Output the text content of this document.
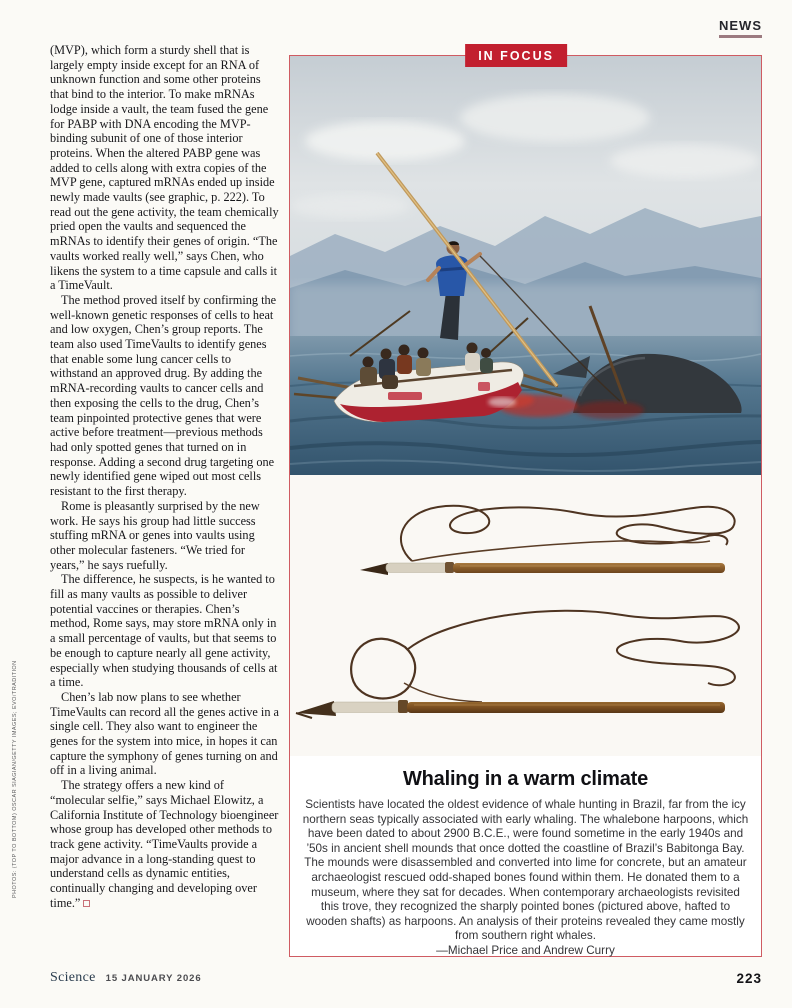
NEWS

(MVP), which form a sturdy shell that is largely empty inside except for an RNA of unknown function and some other proteins that bind to the interior. To make mRNAs lodge inside a vault, the team fused the gene for PABP with DNA encoding the MVP-binding subunit of one of those interior proteins. When the altered PABP gene was added to cells along with extra copies of the MVP gene, captured mRNAs ended up inside newly made vaults (see graphic, p. 222). To read out the gene activity, the team chemically pried open the vaults and sequenced the mRNAs to identify their genes of origin. “The vaults worked really well,” says Chen, who likens the system to a time capsule and calls it a TimeVault.

The method proved itself by confirming the well-known genetic responses of cells to heat and low oxygen, Chen’s group reports. The team also used TimeVaults to identify genes that enable some lung cancer cells to withstand an approved drug. By adding the mRNA-recording vaults to cancer cells and then exposing the cells to the drug, Chen’s team pinpointed protective genes that were active before treatment—previous methods had only spotted genes that turned on in response. Adding a second drug targeting one newly identified gene wiped out most cells resistant to the first therapy.

Rome is pleasantly surprised by the new work. He says his group had little success stuffing mRNA or genes into vaults using other molecular fasteners. “We tried for years,” he says ruefully.

The difference, he suspects, is he wanted to fill as many vaults as possible to deliver potential vaccines or therapies. Chen’s method, Rome says, may store mRNA only in a small percentage of vaults, but that seems to be enough to capture nearly all gene activity, especially when studying thousands of cells at a time.

Chen’s lab now plans to see whether TimeVaults can record all the genes active in a single cell. They also want to engineer the genes for the system into mice, in hopes it can capture the symphony of genes turning on and off in a living animal.

The strategy offers a new kind of “molecular selfie,” says Michael Elowitz, a California Institute of Technology bioengineer whose group has developed other methods to track gene activity. “TimeVaults provide a major advance in a long-standing quest to understand cells as dynamic entities, continually changing and developing over time.”

PHOTOS: (TOP TO BOTTOM) OSCAR SIAGIAN/GETTY IMAGES; EVO/TRADITION
IN FOCUS
Whaling in a warm climate
Scientists have located the oldest evidence of whale hunting in Brazil, far from the icy northern seas typically associated with early whaling. The whalebone harpoons, which have been dated to about 2900 B.C.E., were found sometime in the early 1940s and ’50s in ancient shell mounds that once dotted the coastline of Brazil’s Babitonga Bay. The mounds were disassembled and converted into lime for concrete, but an amateur archaeologist rescued odd-shaped bones found within them. He donated them to a museum, where they sat for decades. When contemporary archaeologists revisited this trove, they recognized the sharply pointed bones (pictured above, hafted to wooden shafts) as harpoons. An analysis of their proteins revealed they came mostly from southern right whales.
—Michael Price and Andrew Curry
Science 15 JANUARY 2026	223
